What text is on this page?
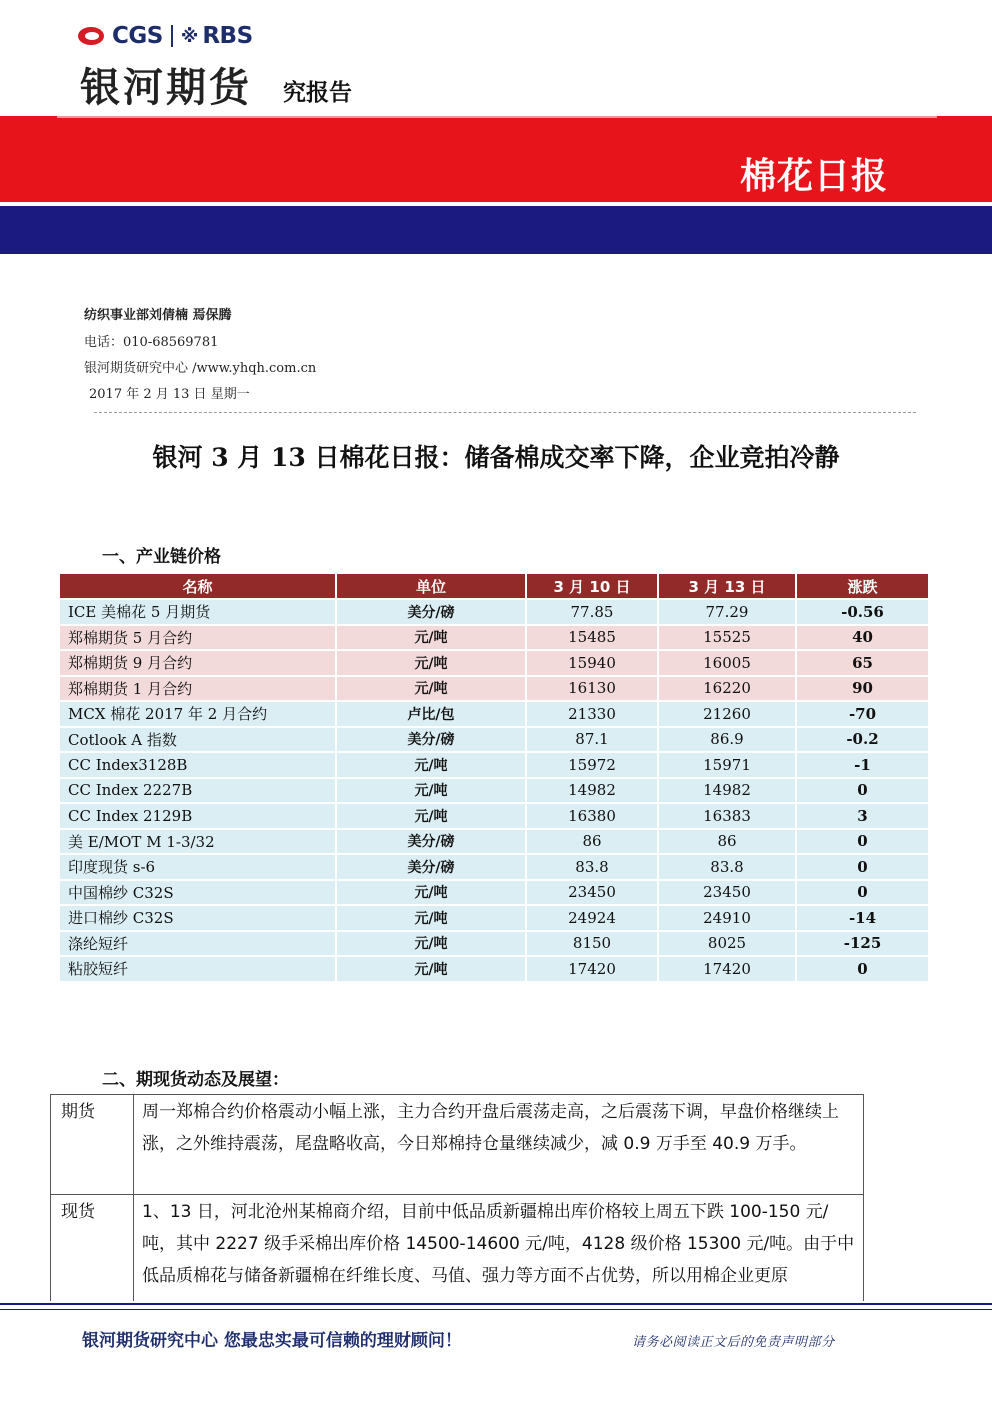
CGS ※ RBS
银河期货 究报告
棉花日报
纺织事业部刘倩楠 焉保腾
电话：010-68569781
银河期货研究中心 /www.yhqh.com.cn
2017 年 2 月 13 日 星期一
银河 3 月 13 日棉花日报：储备棉成交率下降，企业竞拍冷静
一、产业链价格
名称	单位	3 月 10 日	3 月 13 日	涨跌
ICE 美棉花 5 月期货	美分/磅	77.85	77.29	-0.56
郑棉期货 5 月合约	元/吨	15485	15525	40
郑棉期货 9 月合约	元/吨	15940	16005	65
郑棉期货 1 月合约	元/吨	16130	16220	90
MCX 棉花 2017 年 2 月合约	卢比/包	21330	21260	-70
Cotlook A 指数	美分/磅	87.1	86.9	-0.2
CC Index3128B	元/吨	15972	15971	-1
CC Index 2227B	元/吨	14982	14982	0
CC Index 2129B	元/吨	16380	16383	3
美 E/MOT M 1-3/32	美分/磅	86	86	0
印度现货 s-6	美分/磅	83.8	83.8	0
中国棉纱 C32S	元/吨	23450	23450	0
进口棉纱 C32S	元/吨	24924	24910	-14
涤纶短纤	元/吨	8150	8025	-125
粘胶短纤	元/吨	17420	17420	0
二、期现货动态及展望：
期货	周一郑棉合约价格震动小幅上涨，主力合约开盘后震荡走高，之后震荡下调，早盘价格继续上涨，之外维持震荡，尾盘略收高，今日郑棉持仓量继续减少，减 0.9 万手至 40.9 万手。
现货	1、13 日，河北沧州某棉商介绍，目前中低品质新疆棉出库价格较上周五下跌 100-150 元/吨，其中 2227 级手采棉出库价格 14500-14600 元/吨，4128 级价格 15300 元/吨。由于中低品质棉花与储备新疆棉在纤维长度、马值、强力等方面不占优势，所以用棉企业更原
银河期货研究中心 您最忠实最可信赖的理财顾问！	请务必阅读正文后的免责声明部分
